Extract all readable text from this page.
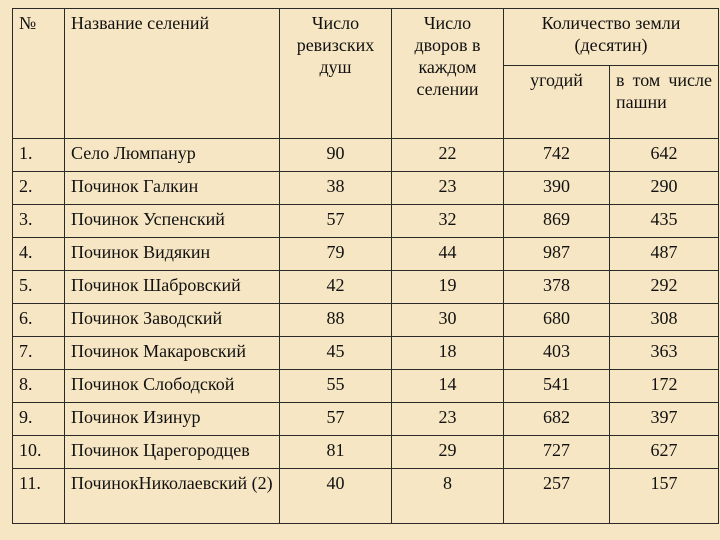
№	Название селений	Число ревизских душ	Число дворов в каждом селении	Количество земли (десятин)	
				угодий	в том числе пашни
1.	Село Люмпанур	90	22	742	642
2.	Починок Галкин	38	23	390	290
3.	Починок Успенский	57	32	869	435
4.	Починок Видякин	79	44	987	487
5.	Починок Шабровский	42	19	378	292
6.	Починок Заводский	88	30	680	308
7.	Починок Макаровский	45	18	403	363
8.	Починок Слободской	55	14	541	172
9.	Починок Изинур	57	23	682	397
10.	Починок Царегородцев	81	29	727	627
11.	ПочинокНиколаевский (2)	40	8	257	157
